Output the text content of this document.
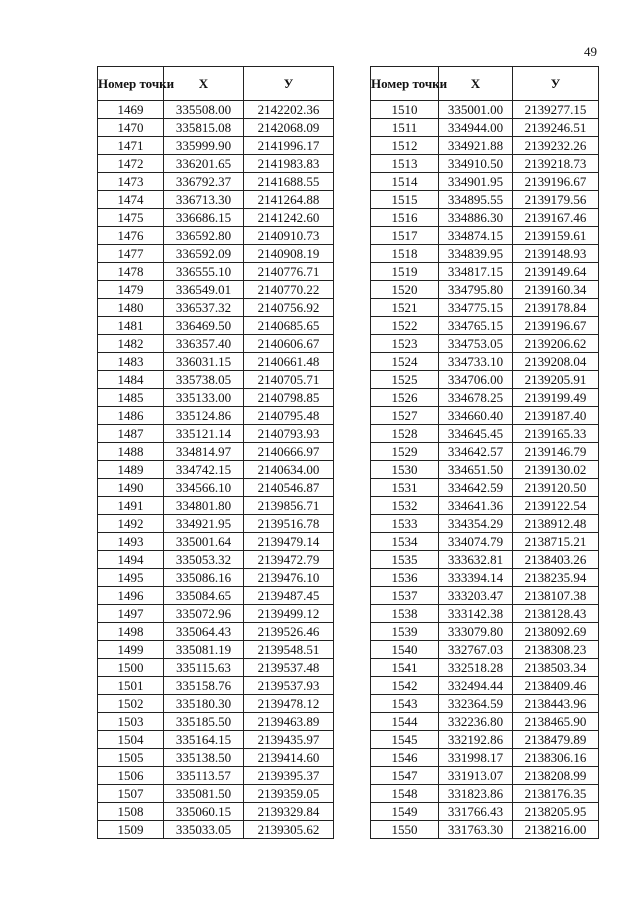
49
Номер точки	X	У
1469	335508.00	2142202.36
1470	335815.08	2142068.09
1471	335999.90	2141996.17
1472	336201.65	2141983.83
1473	336792.37	2141688.55
1474	336713.30	2141264.88
1475	336686.15	2141242.60
1476	336592.80	2140910.73
1477	336592.09	2140908.19
1478	336555.10	2140776.71
1479	336549.01	2140770.22
1480	336537.32	2140756.92
1481	336469.50	2140685.65
1482	336357.40	2140606.67
1483	336031.15	2140661.48
1484	335738.05	2140705.71
1485	335133.00	2140798.85
1486	335124.86	2140795.48
1487	335121.14	2140793.93
1488	334814.97	2140666.97
1489	334742.15	2140634.00
1490	334566.10	2140546.87
1491	334801.80	2139856.71
1492	334921.95	2139516.78
1493	335001.64	2139479.14
1494	335053.32	2139472.79
1495	335086.16	2139476.10
1496	335084.65	2139487.45
1497	335072.96	2139499.12
1498	335064.43	2139526.46
1499	335081.19	2139548.51
1500	335115.63	2139537.48
1501	335158.76	2139537.93
1502	335180.30	2139478.12
1503	335185.50	2139463.89
1504	335164.15	2139435.97
1505	335138.50	2139414.60
1506	335113.57	2139395.37
1507	335081.50	2139359.05
1508	335060.15	2139329.84
1509	335033.05	2139305.62
Номер точки	X	У
1510	335001.00	2139277.15
1511	334944.00	2139246.51
1512	334921.88	2139232.26
1513	334910.50	2139218.73
1514	334901.95	2139196.67
1515	334895.55	2139179.56
1516	334886.30	2139167.46
1517	334874.15	2139159.61
1518	334839.95	2139148.93
1519	334817.15	2139149.64
1520	334795.80	2139160.34
1521	334775.15	2139178.84
1522	334765.15	2139196.67
1523	334753.05	2139206.62
1524	334733.10	2139208.04
1525	334706.00	2139205.91
1526	334678.25	2139199.49
1527	334660.40	2139187.40
1528	334645.45	2139165.33
1529	334642.57	2139146.79
1530	334651.50	2139130.02
1531	334642.59	2139120.50
1532	334641.36	2139122.54
1533	334354.29	2138912.48
1534	334074.79	2138715.21
1535	333632.81	2138403.26
1536	333394.14	2138235.94
1537	333203.47	2138107.38
1538	333142.38	2138128.43
1539	333079.80	2138092.69
1540	332767.03	2138308.23
1541	332518.28	2138503.34
1542	332494.44	2138409.46
1543	332364.59	2138443.96
1544	332236.80	2138465.90
1545	332192.86	2138479.89
1546	331998.17	2138306.16
1547	331913.07	2138208.99
1548	331823.86	2138176.35
1549	331766.43	2138205.95
1550	331763.30	2138216.00
